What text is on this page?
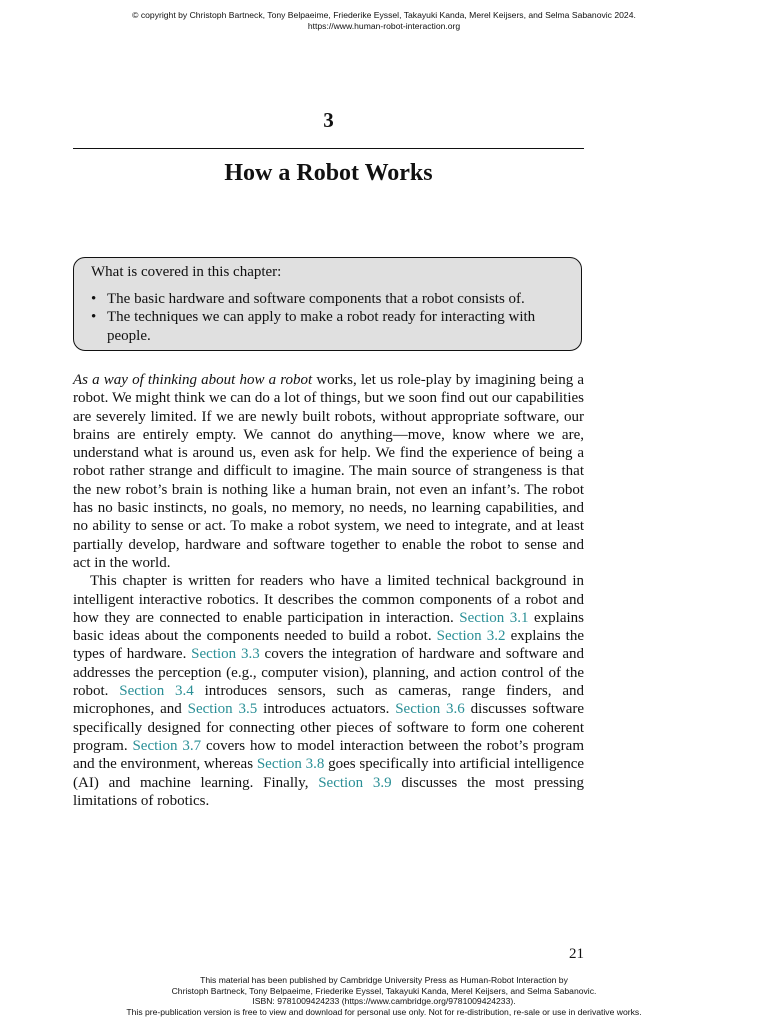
© copyright by Christoph Bartneck, Tony Belpaeime, Friederike Eyssel, Takayuki Kanda, Merel Keijsers, and Selma Sabanovic 2024.
https://www.human-robot-interaction.org
3
How a Robot Works
What is covered in this chapter:
• The basic hardware and software components that a robot consists of.
• The techniques we can apply to make a robot ready for interacting with people.

As a way of thinking about how a robot works, let us role-play by imagining being a robot. We might think we can do a lot of things, but we soon find out our capabilities are severely limited. If we are newly built robots, without appropriate software, our brains are entirely empty. We cannot do anything—move, know where we are, understand what is around us, even ask for help. We find the experience of being a robot rather strange and difficult to imagine. The main source of strangeness is that the new robot’s brain is nothing like a human brain, not even an infant’s. The robot has no basic instincts, no goals, no memory, no needs, no learning capabilities, and no ability to sense or act. To make a robot system, we need to integrate, and at least partially develop, hardware and software together to enable the robot to sense and act in the world.

This chapter is written for readers who have a limited technical background in intelligent interactive robotics. It describes the common components of a robot and how they are connected to enable participation in interaction. Section 3.1 explains basic ideas about the components needed to build a robot. Section 3.2 explains the types of hardware. Section 3.3 covers the integration of hardware and software and addresses the perception (e.g., computer vision), planning, and action control of the robot. Section 3.4 introduces sensors, such as cameras, range finders, and microphones, and Section 3.5 introduces actuators. Section 3.6 discusses software specifically designed for connecting other pieces of software to form one coherent program. Section 3.7 covers how to model interaction between the robot’s program and the environment, whereas Section 3.8 goes specifically into artificial intelligence (AI) and machine learning. Finally, Section 3.9 discusses the most pressing limitations of robotics.

21
This material has been published by Cambridge University Press as Human-Robot Interaction by
Christoph Bartneck, Tony Belpaeime, Friederike Eyssel, Takayuki Kanda, Merel Keijsers, and Selma Sabanovic.
ISBN: 9781009424233 (https://www.cambridge.org/9781009424233).
This pre-publication version is free to view and download for personal use only. Not for re-distribution, re-sale or use in derivative works.
